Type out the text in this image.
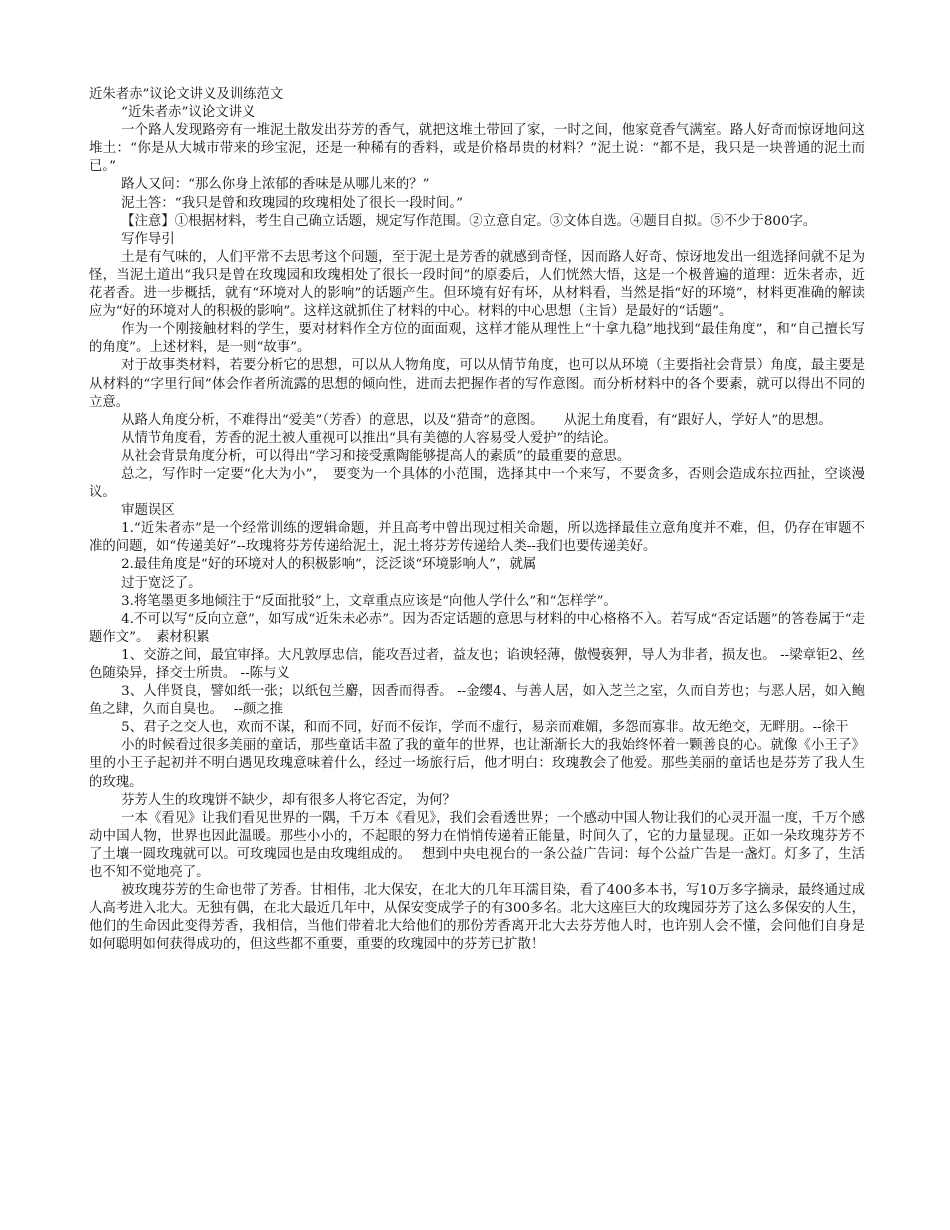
近朱者赤”议论文讲义及训练范文

“近朱者赤”议论文讲义

一个路人发现路旁有一堆泥土散发出芬芳的香气，就把这堆土带回了家，一时之间，他家竟香气满室。路人好奇而惊讶地问这堆土：“你是从大城市带来的珍宝泥，还是一种稀有的香料，或是价格昂贵的材料？”泥土说：“都不是，我只是一块普通的泥土而已。”

路人又问：“那么你身上浓郁的香味是从哪儿来的？”

泥土答：“我只是曾和玫瑰园的玫瑰相处了很长一段时间。”

【注意】①根据材料，考生自己确立话题，规定写作范围。②立意自定。③文体自选。④题目自拟。⑤不少于800字。

写作导引

土是有气味的，人们平常不去思考这个问题，至于泥土是芳香的就感到奇怪，因而路人好奇、惊讶地发出一组选择问就不足为怪，当泥土道出“我只是曾在玫瑰园和玫瑰相处了很长一段时间”的原委后，人们恍然大悟，这是一个极普遍的道理：近朱者赤，近花者香。进一步概括，就有“环境对人的影响”的话题产生。但环境有好有坏，从材料看，当然是指“好的环境”，材料更准确的解读应为“好的环境对人的积极的影响”。这样这就抓住了材料的中心。材料的中心思想（主旨）是最好的“话题”。

作为一个刚接触材料的学生，要对材料作全方位的面面观，这样才能从理性上“十拿九稳”地找到“最佳角度”，和“自己擅长写的角度”。上述材料，是一则“故事”。

对于故事类材料，若要分析它的思想，可以从人物角度，可以从情节角度，也可以从环境（主要指社会背景）角度，最主要是从材料的“字里行间”体会作者所流露的思想的倾向性，进而去把握作者的写作意图。而分析材料中的各个要素，就可以得出不同的立意。

从路人角度分析，不难得出“爱美”（芳香）的意思，以及“猎奇”的意图。　　从泥土角度看，有“跟好人，学好人”的思想。

从情节角度看，芳香的泥土被人重视可以推出“具有美德的人容易受人爱护”的结论。

从社会背景角度分析，可以得出“学习和接受熏陶能够提高人的素质”的最重要的意思。

总之，写作时一定要“化大为小”，　要变为一个具体的小范围，选择其中一个来写，不要贪多，否则会造成东拉西扯，空谈漫议。

审题误区

1.“近朱者赤”是一个经常训练的逻辑命题，并且高考中曾出现过相关命题，所以选择最佳立意角度并不难，但，仍存在审题不准的问题，如“传递美好”--玫瑰将芬芳传递给泥土，泥土将芬芳传递给人类--我们也要传递美好。

2.最佳角度是“好的环境对人的积极影响”，泛泛谈“环境影响人”，就属

过于宽泛了。

3.将笔墨更多地倾注于“反面批驳”上，文章重点应该是“向他人学什么”和“怎样学”。

4.不可以写“反向立意”，如写成“近朱未必赤”。因为否定话题的意思与材料的中心格格不入。若写成“否定话题”的答卷属于“走题作文”。　素材积累

1、交游之间，最宜审择。大凡敦厚忠信，能攻吾过者，益友也；谄谀轻薄，傲慢亵狎，导人为非者，损友也。 --梁章钜2、丝色随染异，择交士所贵。 --陈与义

3、人伴贤良，譬如纸一张；以纸包兰麝，因香而得香。 --金缨4、与善人居，如入芝兰之室，久而自芳也；与恶人居，如入鲍鱼之肆，久而自臭也。　 --颜之推

5、君子之交人也，欢而不谋，和而不同，好而不佞诈，学而不虚行，易亲而难媚，多怨而寡非。故无绝交，无畔朋。--徐干

小的时候看过很多美丽的童话，那些童话丰盈了我的童年的世界，也让渐渐长大的我始终怀着一颗善良的心。就像《小王子》里的小王子起初并不明白遇见玫瑰意味着什么，经过一场旅行后，他才明白：玫瑰教会了他爱。那些美丽的童话也是芬芳了我人生的玫瑰。

芬芳人生的玫瑰饼不缺少，却有很多人将它否定，为何？

一本《看见》让我们看见世界的一隅，千万本《看见》，我们会看透世界；一个感动中国人物让我们的心灵开温一度，千万个感动中国人物，世界也因此温暖。那些小小的，不起眼的努力在悄悄传递着正能量，时间久了，它的力量显现。正如一朵玫瑰芬芳不了土壤一圆玫瑰就可以。可玫瑰园也是由玫瑰组成的。　 想到中央电视台的一条公益广告词：每个公益广告是一盏灯。灯多了，生活也不知不觉地亮了。

被玫瑰芬芳的生命也带了芳香。甘相伟，北大保安，在北大的几年耳濡目染，看了400多本书，写10万多字摘录，最终通过成人高考进入北大。无独有偶，在北大最近几年中，从保安变成学子的有300多名。北大这座巨大的玫瑰园芬芳了这么多保安的人生，他们的生命因此变得芳香，我相信，当他们带着北大给他们的那份芳香离开北大去芬芳他人时，也许别人会不懂，会问他们自身是如何聪明如何获得成功的，但这些都不重要，重要的玫瑰园中的芬芳已扩散！
